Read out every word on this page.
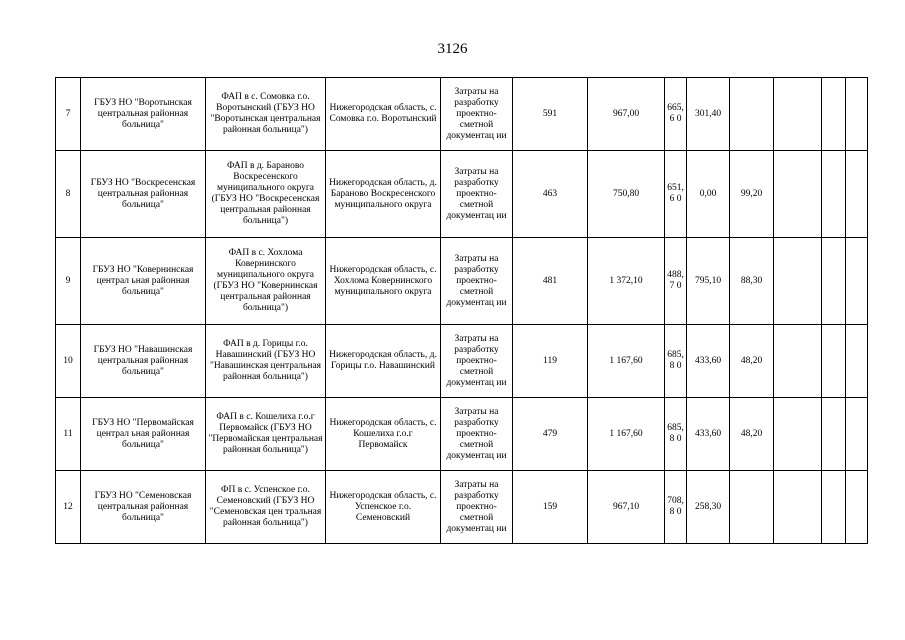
3126
7	ГБУЗ НО "Воротынская центральная районная больница"	ФАП в с. Сомовка г.о. Воротынский (ГБУЗ НО "Воротынская центральная районная больница")	Нижегородская область, с. Сомовка г.о. Воротынский	Затраты на разработку проектно-сметной документац ии	591	967,00	665,6 0	301,40				
8	ГБУЗ НО "Воскресенская центральная районная больница"	ФАП в д. Бараново Воскресенского муниципального округа (ГБУЗ НО "Воскресенская центральная районная больница")	Нижегородская область, д. Бараново Воскресенского муниципального округа	Затраты на разработку проектно-сметной документац ии	463	750,80	651,6 0	0,00	99,20			
9	ГБУЗ НО "Ковернинская централ ьная районная больница"	ФАП в с. Хохлома Ковернинского муниципального округа (ГБУЗ НО "Ковернинская центральная районная больница")	Нижегородская область, с. Хохлома Ковернинского муниципального округа	Затраты на разработку проектно-сметной документац ии	481	1 372,10	488,7 0	795,10	88,30			
10	ГБУЗ НО "Навашинская центральная районная больница"	ФАП в д. Горицы г.о. Навашинский (ГБУЗ НО "Навашинская центральная районная больница")	Нижегородская область, д. Горицы г.о. Навашинский	Затраты на разработку проектно-сметной документац ии	119	1 167,60	685,8 0	433,60	48,20			
11	ГБУЗ НО "Первомайская централ ьная районная больница"	ФАП в с. Кошелиха г.о.г Первомайск (ГБУЗ НО "Первомайская центральная районная больница")	Нижегородская область, с. Кошелиха г.о.г Первомайск	Затраты на разработку проектно-сметной документац ии	479	1 167,60	685,8 0	433,60	48,20			
12	ГБУЗ НО "Семеновская центральная районная больница"	ФП в с. Успенское г.о. Семеновский (ГБУЗ НО "Семеновская цен тральная районная больница")	Нижегородская область, с. Успенское г.о. Семеновский	Затраты на разработку проектно-сметной документац ии	159	967,10	708,8 0	258,30				
